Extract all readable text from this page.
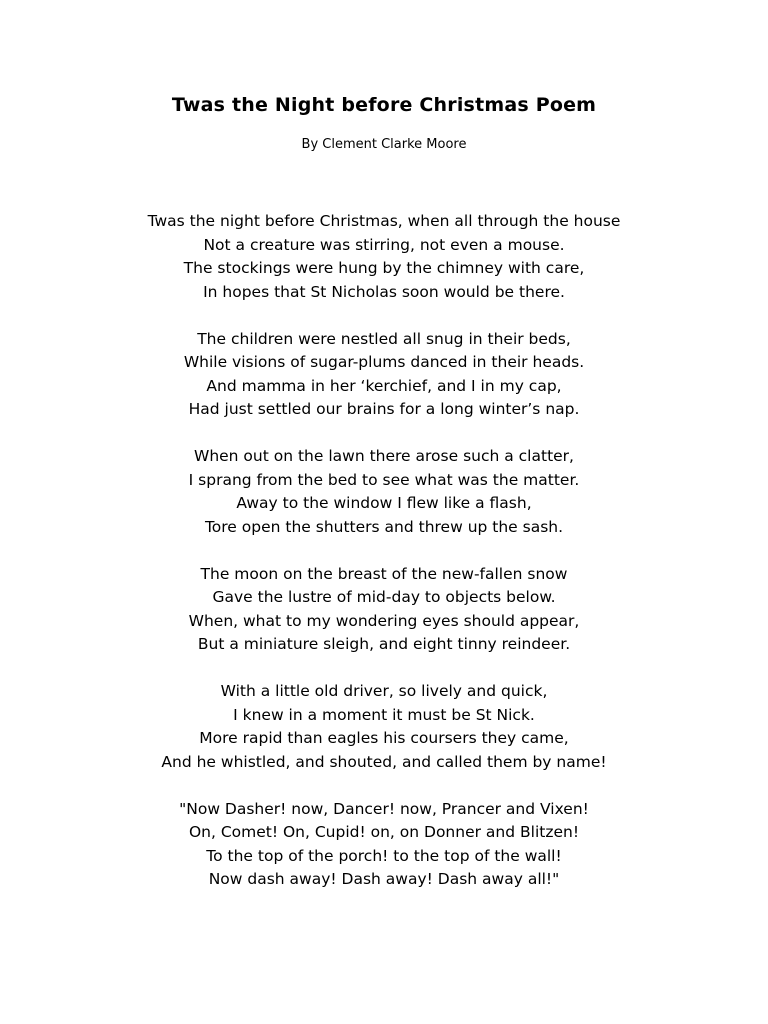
Twas the Night before Christmas Poem

By Clement Clarke Moore

Twas the night before Christmas, when all through the house
Not a creature was stirring, not even a mouse.
The stockings were hung by the chimney with care,
In hopes that St Nicholas soon would be there.
The children were nestled all snug in their beds,
While visions of sugar-plums danced in their heads.
And mamma in her ‘kerchief, and I in my cap,
Had just settled our brains for a long winter’s nap.
When out on the lawn there arose such a clatter,
I sprang from the bed to see what was the matter.
Away to the window I flew like a flash,
Tore open the shutters and threw up the sash.
The moon on the breast of the new-fallen snow
Gave the lustre of mid-day to objects below.
When, what to my wondering eyes should appear,
But a miniature sleigh, and eight tinny reindeer.
With a little old driver, so lively and quick,
I knew in a moment it must be St Nick.
More rapid than eagles his coursers they came,
And he whistled, and shouted, and called them by name!
"Now Dasher! now, Dancer! now, Prancer and Vixen!
On, Comet! On, Cupid! on, on Donner and Blitzen!
To the top of the porch! to the top of the wall!
Now dash away! Dash away! Dash away all!"
